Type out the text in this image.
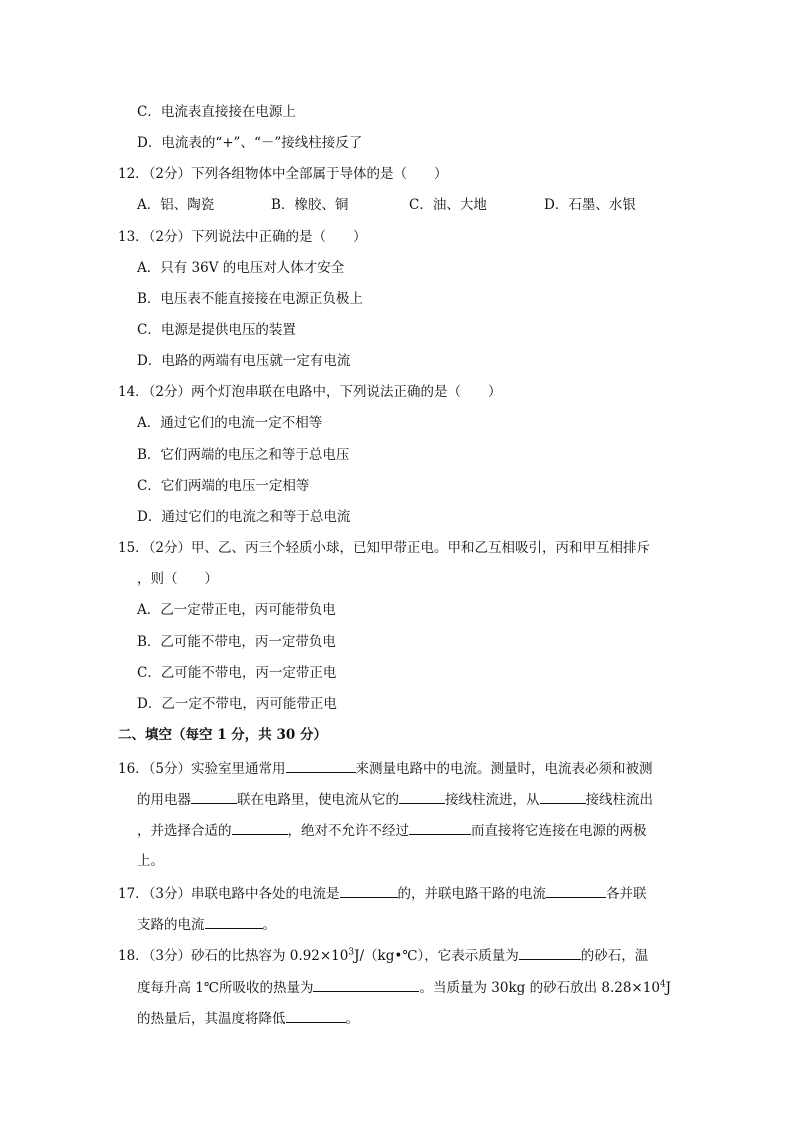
C．电流表直接接在电源上
D．电流表的“+”、“－”接线柱接反了
12．（2分）下列各组物体中全部属于导体的是（　　）
A．铝、陶瓷	B．橡胶、铜	C．油、大地	D．石墨、水银
13．（2分）下列说法中正确的是（　　）
A．只有 36V 的电压对人体才安全
B．电压表不能直接接在电源正负极上
C．电源是提供电压的装置
D．电路的两端有电压就一定有电流
14．（2分）两个灯泡串联在电路中，下列说法正确的是（　　）
A．通过它们的电流一定不相等
B．它们两端的电压之和等于总电压
C．它们两端的电压一定相等
D．通过它们的电流之和等于总电流
15．（2分）甲、乙、丙三个轻质小球，已知甲带正电。甲和乙互相吸引，丙和甲互相排斥
，则（　　）
A．乙一定带正电，丙可能带负电
B．乙可能不带电，丙一定带负电
C．乙可能不带电，丙一定带正电
D．乙一定不带电，丙可能带正电
二、填空（每空 1 分，共 30 分）
16．（5分）实验室里通常用	来测量电路中的电流。测量时，电流表必须和被测
的用电器	联在电路里，使电流从它的	接线柱流进，从	接线柱流出
，并选择合适的	，绝对不允许不经过	而直接将它连接在电源的两极
上。
17．（3分）串联电路中各处的电流是	的，并联电路干路的电流	各并联
支路的电流	。
18．（3分）砂石的比热容为 $0.92\times 10^3J/(kg•℃)$，它表示质量为	的砂石，温
度每升高 1℃所吸收的热量为	。当质量为 30kg 的砂石放出 $8.28\times 10^4J$
的热量后，其温度将降低	。
